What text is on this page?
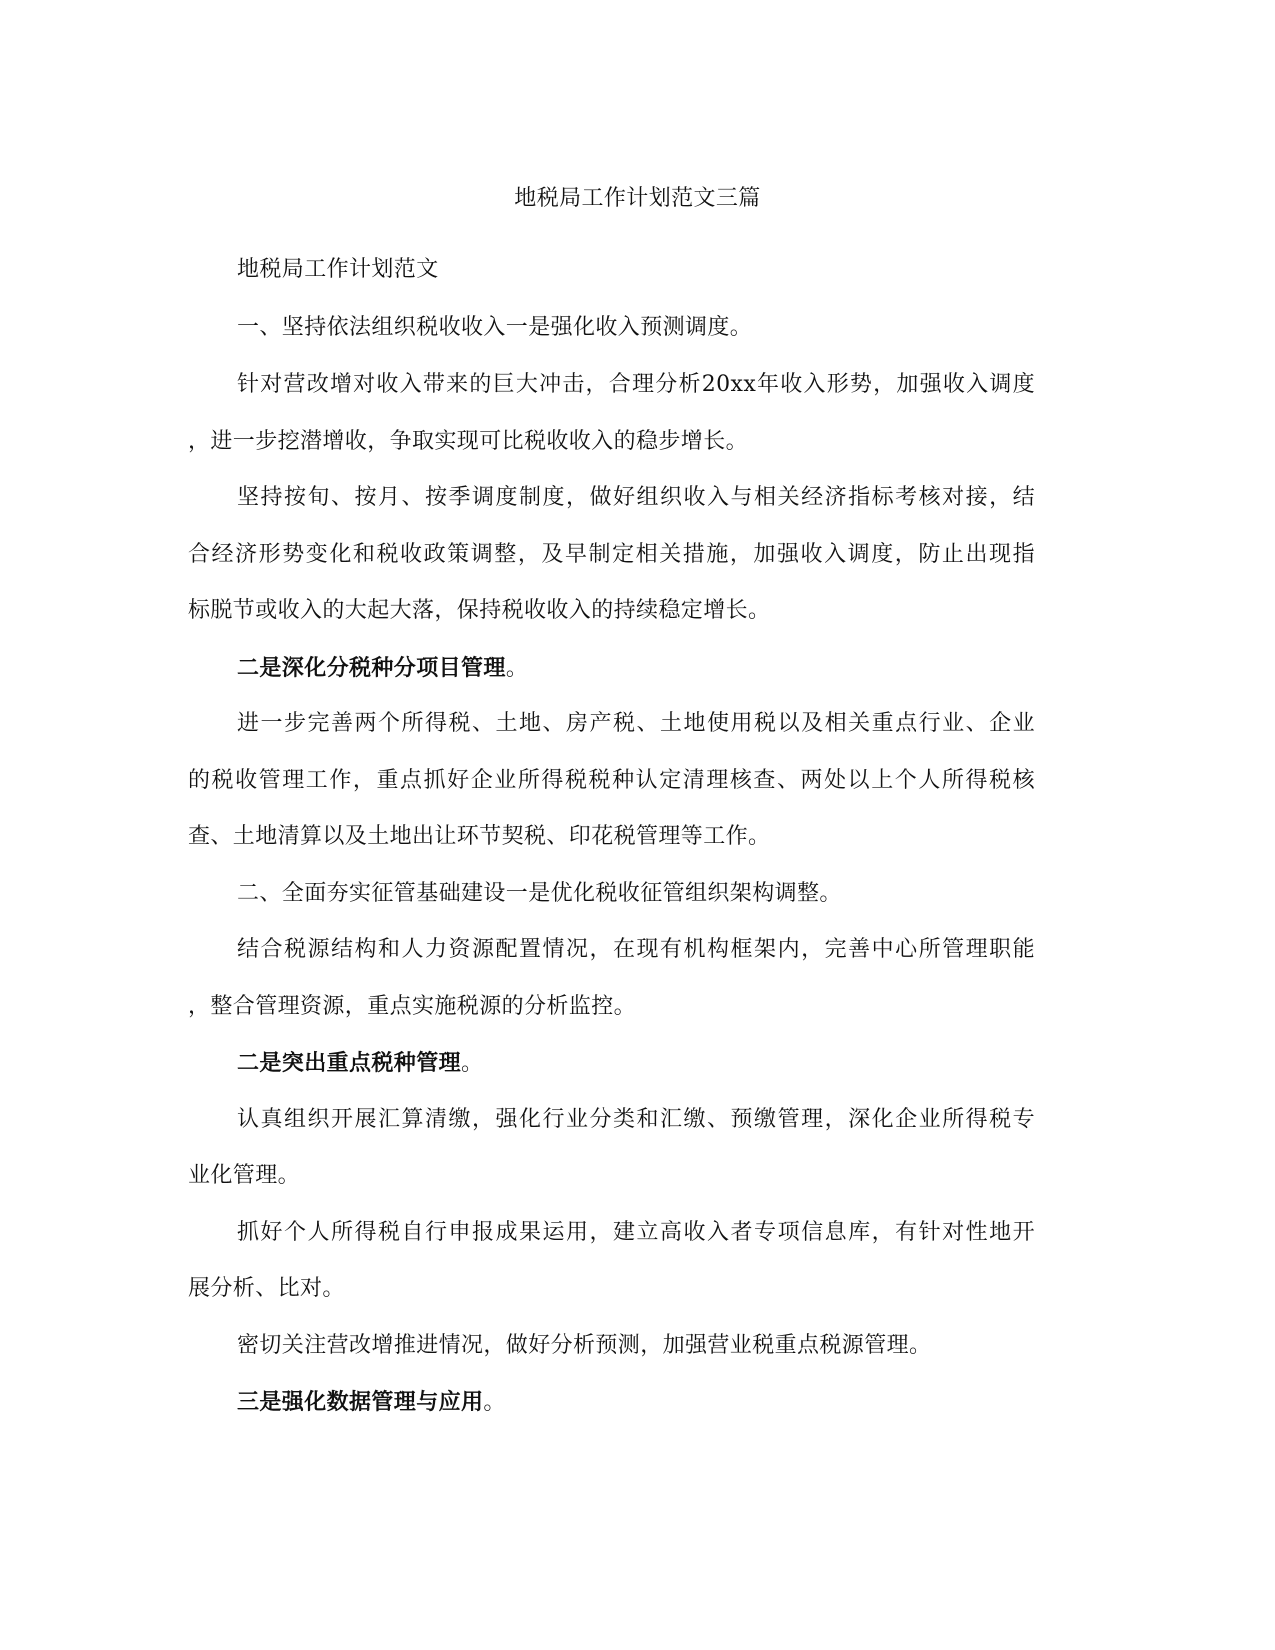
地税局工作计划范文三篇
地税局工作计划范文
一、坚持依法组织税收收入一是强化收入预测调度。
针对营改增对收入带来的巨大冲击，合理分析20xx年收入形势，加强收入调度
，进一步挖潜增收，争取实现可比税收收入的稳步增长。
坚持按旬、按月、按季调度制度，做好组织收入与相关经济指标考核对接，结
合经济形势变化和税收政策调整，及早制定相关措施，加强收入调度，防止出现指
标脱节或收入的大起大落，保持税收收入的持续稳定增长。
二是深化分税种分项目管理。
进一步完善两个所得税、土地、房产税、土地使用税以及相关重点行业、企业
的税收管理工作，重点抓好企业所得税税种认定清理核查、两处以上个人所得税核
查、土地清算以及土地出让环节契税、印花税管理等工作。
二、全面夯实征管基础建设一是优化税收征管组织架构调整。
结合税源结构和人力资源配置情况，在现有机构框架内，完善中心所管理职能
，整合管理资源，重点实施税源的分析监控。
二是突出重点税种管理。
认真组织开展汇算清缴，强化行业分类和汇缴、预缴管理，深化企业所得税专
业化管理。
抓好个人所得税自行申报成果运用，建立高收入者专项信息库，有针对性地开
展分析、比对。
密切关注营改增推进情况，做好分析预测，加强营业税重点税源管理。
三是强化数据管理与应用。
